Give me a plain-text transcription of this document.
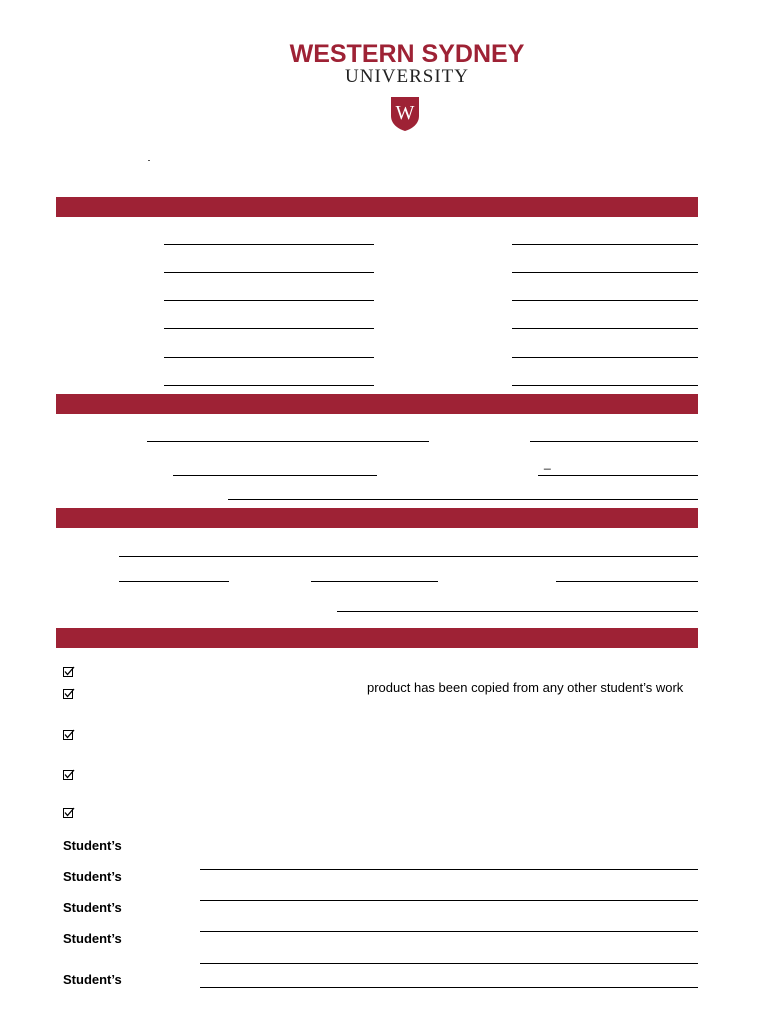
WESTERN SYDNEY
UNIVERSITY
W
_
product has been copied from any other student’s work
Student’s
Student’s
Student’s
Student’s
Student’s
